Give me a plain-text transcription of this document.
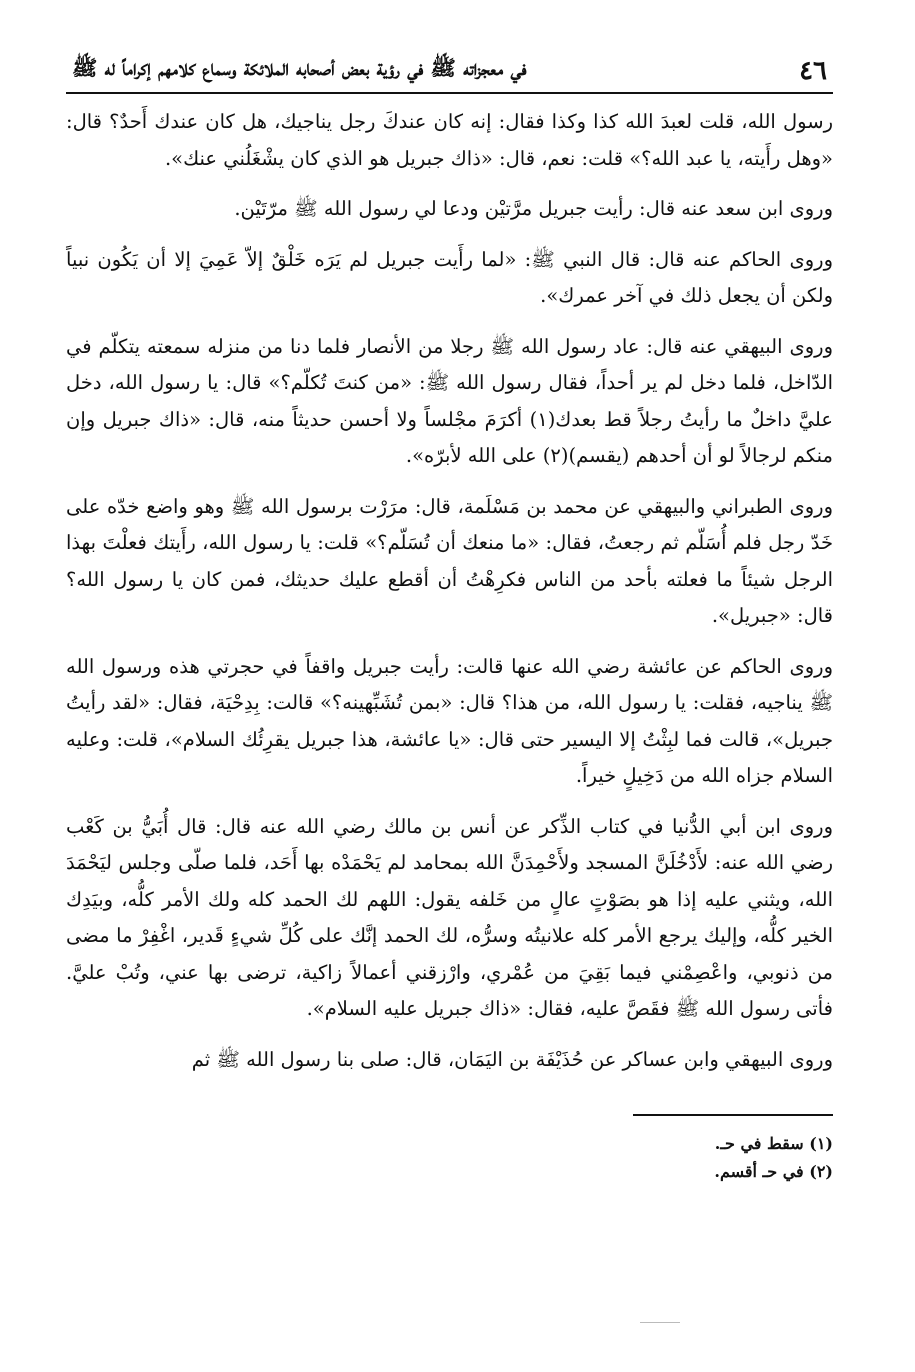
٤٦
في معجزاته ﷺ في رؤية بعض أصحابه الملائكة وسماع كلامهم إكراماً له ﷺ

رسول الله، قلت لعبدَ الله كذا وكذا فقال: إنه كان عندكَ رجل يناجيك، هل كان عندك أَحدٌ؟ قال: «وهل رأَيته، يا عبد الله؟» قلت: نعم، قال: «ذاك جبريل هو الذي كان يشْغَلُني عنك».

وروى ابن سعد عنه قال: رأيت جبريل مرَّتيْن ودعا لي رسول الله ﷺ مرّتَيْن.

وروى الحاكم عنه قال: قال النبي ﷺ: «لما رأَيت جبريل لم يَرَه خَلْقٌ إلاّ عَمِيَ إلا أن يَكُون نبياً ولكن أن يجعل ذلك في آخر عمرك».

وروى البيهقي عنه قال: عاد رسول الله ﷺ رجلا من الأنصار فلما دنا من منزله سمعته يتكلّم في الدّاخل، فلما دخل لم ير أحداً، فقال رسول الله ﷺ: «من كنتَ تُكلّم؟» قال: يا رسول الله، دخل عليَّ داخلٌ ما رأيتُ رجلاً قط بعدك(١) أكرَمَ مجْلساً ولا أحسن حديثاً منه، قال: «ذاك جبريل وإن منكم لرجالاً لو أن أحدهم (يقسم)(٢) على الله لأبرّه».

وروى الطبراني والبيهقي عن محمد بن مَسْلَمة، قال: مرَرْت برسول الله ﷺ وهو واضع خدّه على خَدّ رجل فلم أُسَلّم ثم رجعتُ، فقال: «ما منعك أن تُسَلّم؟» قلت: يا رسول الله، رأَيتك فعلْتَ بهذا الرجل شيئاً ما فعلته بأحد من الناس فكرِهْتُ أن أقطع عليك حديثك، فمن كان يا رسول الله؟ قال: «جبريل».

وروى الحاكم عن عائشة رضي الله عنها قالت: رأيت جبريل واقفاً في حجرتي هذه ورسول الله ﷺ يناجيه، فقلت: يا رسول الله، من هذا؟ قال: «بمن تُشَبِّهينه؟» قالت: بِدِحْيَة، فقال: «لقد رأيتُ جبريل»، قالت فما لبِثْتُ إلا اليسير حتى قال: «يا عائشة، هذا جبريل يقرِئُك السلام»، قلت: وعليه السلام جزاه الله من دَخِيلٍ خيراً.

وروى ابن أبي الدُّنيا في كتاب الذِّكر عن أنس بن مالك رضي الله عنه قال: قال أُبَيُّ بن كَعْب رضي الله عنه: لأَدْخُلَنَّ المسجد ولأَحْمِدَنَّ الله بمحامد لم يَحْمَدْه بها أَحَد، فلما صلّى وجلس ليَحْمَدَ الله، ويثني عليه إذا هو بصَوْتٍ عالٍ من خَلفه يقول: اللهم لك الحمد كله ولك الأمر كلُّه، وبيَدِك الخير كلُّه، وإليك يرجع الأمر كله علانيتُه وسرُّه، لك الحمد إنَّك على كُلِّ شيءٍ قَدير، اغْفِرْ ما مضى من ذنوبي، واعْصِمْني فيما بَقِيَ من عُمْري، وارْزقني أعمالاً زاكية، ترضى بها عني، وتُبْ عليَّ. فأتى رسول الله ﷺ فقَصَّ عليه، فقال: «ذاك جبريل عليه السلام».

وروى البيهقي وابن عساكر عن حُذَيْفَة بن اليَمَان، قال: صلى بنا رسول الله ﷺ ثم

(١) سقط في حـ.
(٢) في حـ أقسم.
